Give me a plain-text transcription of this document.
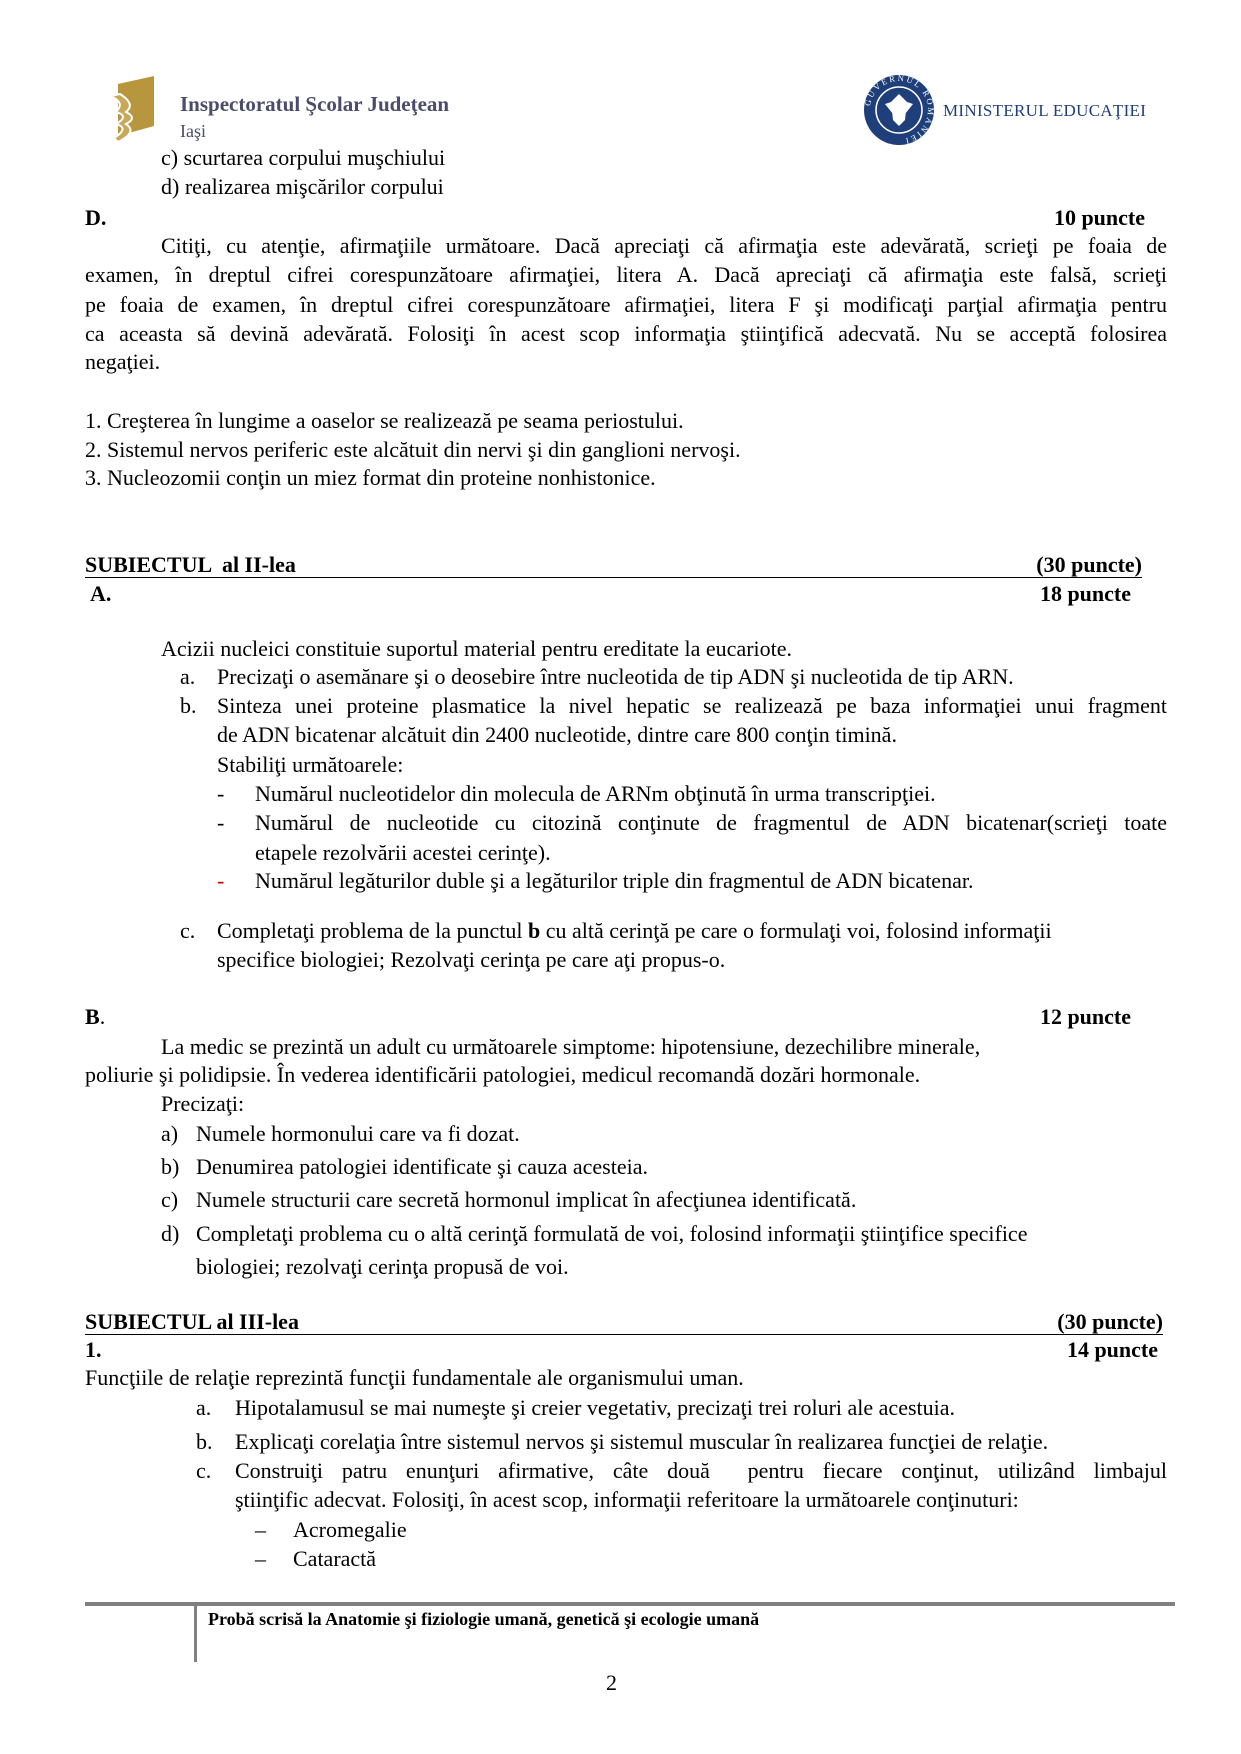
Inspectoratul Şcolar Judeţean
Iaşi
GUVERNUL RO ÂNIEI
MINISTERUL EDUCAŢIEI
c) scurtarea corpului muşchiului
d) realizarea mişcărilor corpului
D.	10 puncte
Citiţi, cu atenţie, afirmaţiile următoare. Dacă apreciaţi că afirmaţia este adevărată, scrieţi pe foaia de
examen, în dreptul cifrei corespunzătoare afirmaţiei, litera A. Dacă apreciaţi că afirmaţia este falsă, scrieţi
pe foaia de examen, în dreptul cifrei corespunzătoare afirmaţiei, litera F şi modificaţi parţial afirmaţia pentru
ca aceasta să devină adevărată. Folosiţi în acest scop informaţia ştiinţifică adecvată. Nu se acceptă folosirea
negaţiei.
1. Creşterea în lungime a oaselor se realizează pe seama periostului.
2. Sistemul nervos periferic este alcătuit din nervi şi din ganglioni nervoşi.
3. Nucleozomii conţin un miez format din proteine nonhistonice.
SUBIECTUL  al II-lea	(30 puncte)
A.	18 puncte
Acizii nucleici constituie suportul material pentru ereditate la eucariote.
a. Precizaţi o asemănare şi o deosebire între nucleotida de tip ADN şi nucleotida de tip ARN.
b. Sinteza unei proteine plasmatice la nivel hepatic se realizează pe baza informaţiei unui fragment
de ADN bicatenar alcătuit din 2400 nucleotide, dintre care 800 conţin timină.
Stabiliţi următoarele:
- Numărul nucleotidelor din molecula de ARNm obţinută în urma transcripţiei.
- Numărul de nucleotide cu citozină conţinute de fragmentul de ADN bicatenar(scrieţi toate
etapele rezolvării acestei cerinţe).
- Numărul legăturilor duble şi a legăturilor triple din fragmentul de ADN bicatenar.
c. Completaţi problema de la punctul b cu altă cerinţă pe care o formulaţi voi, folosind informaţii
specifice biologiei; Rezolvaţi cerinţa pe care aţi propus-o.
B.	12 puncte
La medic se prezintă un adult cu următoarele simptome: hipotensiune, dezechilibre minerale,
poliurie şi polidipsie. În vederea identificării patologiei, medicul recomandă dozări hormonale.
Precizaţi:
a) Numele hormonului care va fi dozat.
b) Denumirea patologiei identificate şi cauza acesteia.
c) Numele structurii care secretă hormonul implicat în afecţiunea identificată.
d) Completaţi problema cu o altă cerinţă formulată de voi, folosind informaţii ştiinţifice specifice
biologiei; rezolvaţi cerinţa propusă de voi.
SUBIECTUL al III-lea	(30 puncte)
1.	14 puncte
Funcţiile de relaţie reprezintă funcţii fundamentale ale organismului uman.
a. Hipotalamusul se mai numeşte şi creier vegetativ, precizaţi trei roluri ale acestuia.
b. Explicaţi corelaţia între sistemul nervos şi sistemul muscular în realizarea funcţiei de relaţie.
c. Construiţi patru enunţuri afirmative, câte două  pentru fiecare conţinut, utilizând limbajul
ştiinţific adecvat. Folosiţi, în acest scop, informaţii referitoare la următoarele conţinuturi:
– Acromegalie
– Cataractă
Probă scrisă la Anatomie şi fiziologie umană, genetică şi ecologie umană
2
